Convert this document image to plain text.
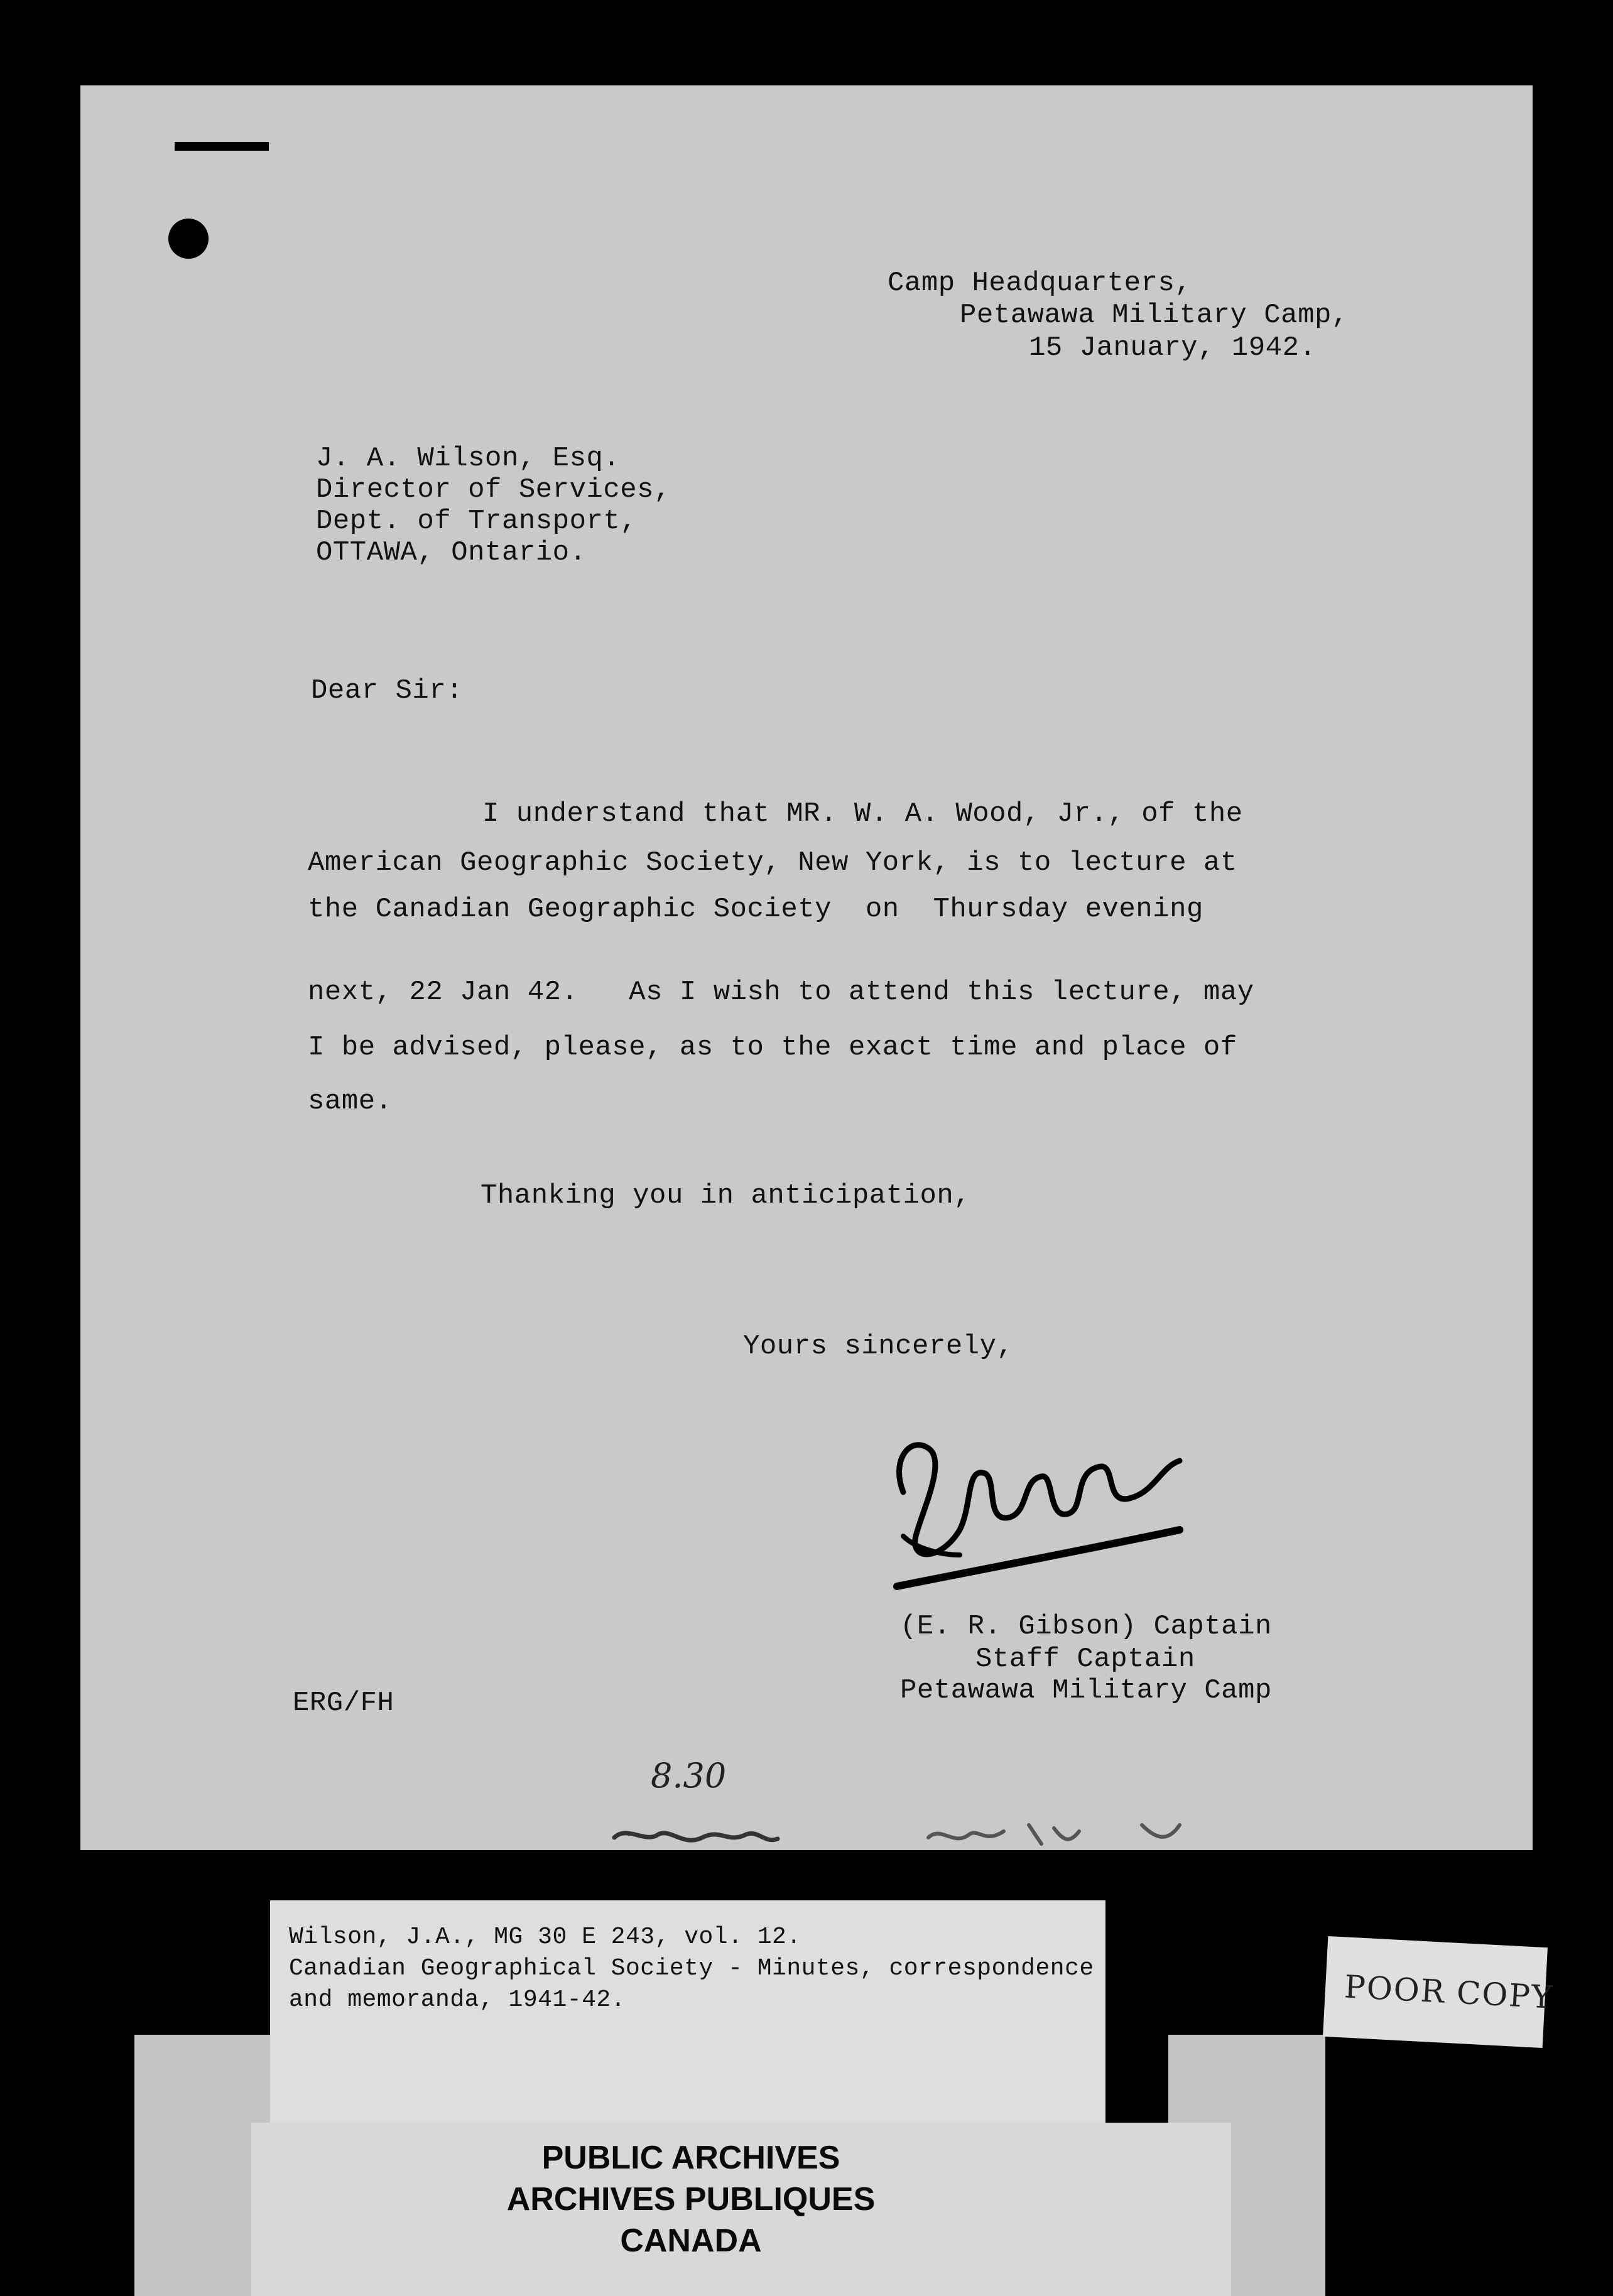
Camp Headquarters,
Petawawa Military Camp,
15 January, 1942.
J. A. Wilson, Esq.
Director of Services,
Dept. of Transport,
OTTAWA, Ontario.
Dear Sir:
I understand that MR. W. A. Wood, Jr., of the
American Geographic Society, New York, is to lecture at
the Canadian Geographic Society  on  Thursday evening
next, 22 Jan 42.   As I wish to attend this lecture, may
I be advised, please, as to the exact time and place of
same.
Thanking you in anticipation,
Yours sincerely,
(E. R. Gibson) Captain
Staff Captain
Petawawa Military Camp
ERG/FH
8.30
Wilson, J.A., MG 30 E 243, vol. 12.
Canadian Geographical Society - Minutes, correspondence
and memoranda, 1941-42.	POOR COPY
PUBLIC ARCHIVES
ARCHIVES PUBLIQUES
CANADA
